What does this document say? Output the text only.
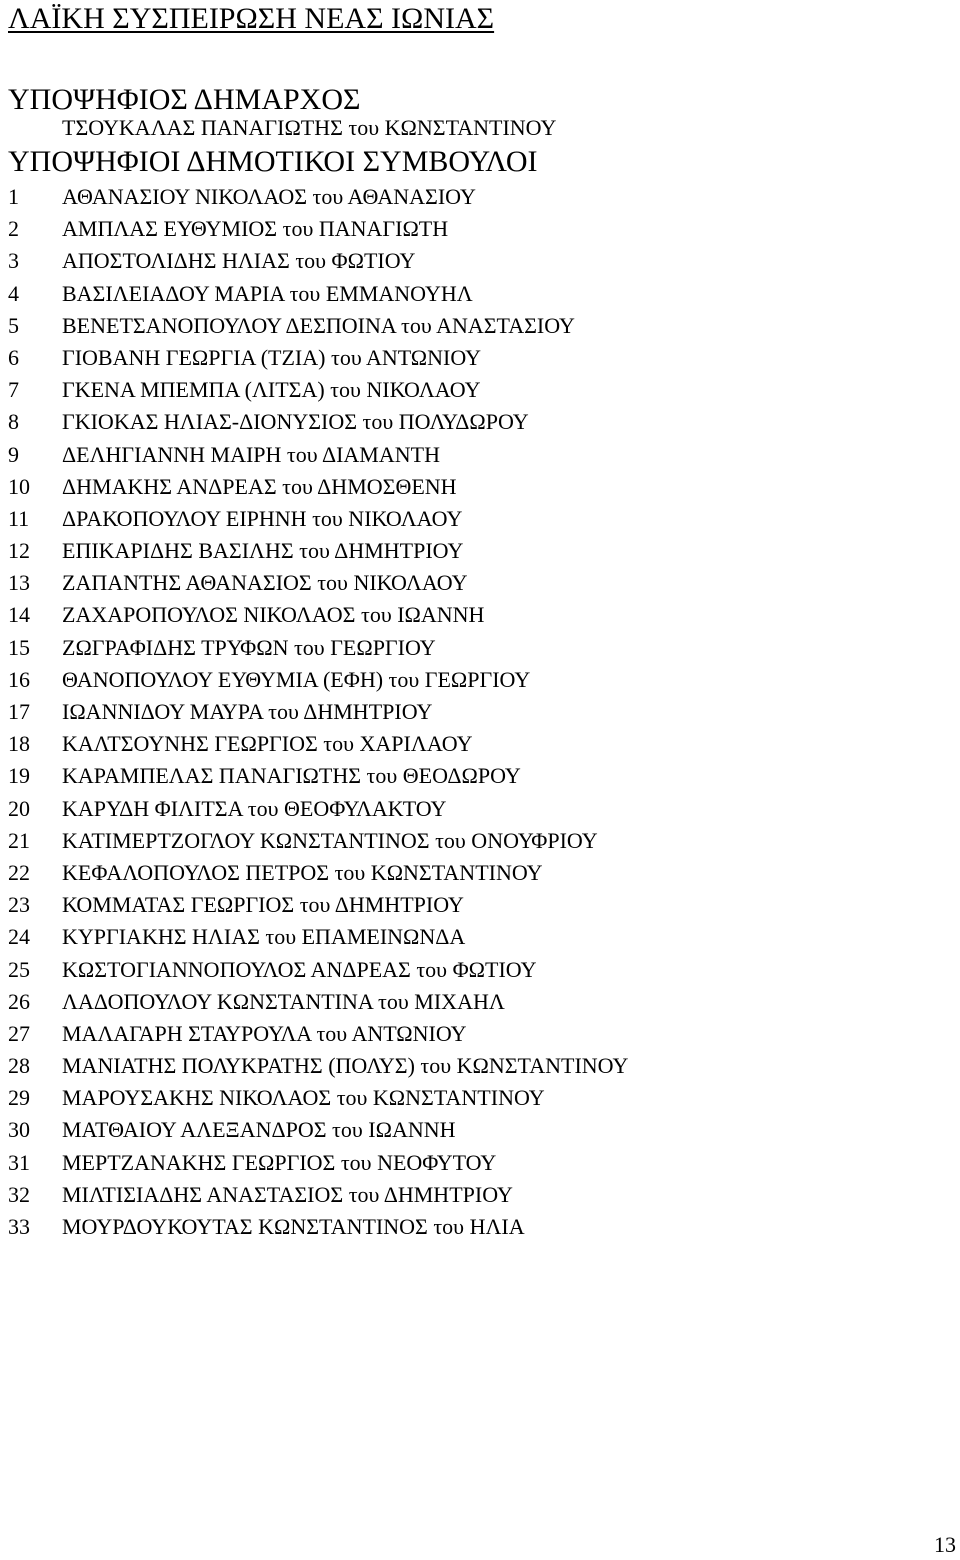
ΛΑΪΚΗ ΣΥΣΠΕΙΡΩΣΗ ΝΕΑΣ ΙΩΝΙΑΣ
ΥΠΟΨΗΦΙΟΣ ΔΗΜΑΡΧΟΣ
ΤΣΟΥΚΑΛΑΣ ΠΑΝΑΓΙΩΤΗΣ του ΚΩΝΣΤΑΝΤΙΝΟΥ
ΥΠΟΨΗΦΙΟΙ ΔΗΜΟΤΙΚΟΙ ΣΥΜΒΟΥΛΟΙ
1 ΑΘΑΝΑΣΙΟΥ ΝΙΚΟΛΑΟΣ του ΑΘΑΝΑΣΙΟΥ
2 ΑΜΠΛΑΣ ΕΥΘΥΜΙΟΣ του ΠΑΝΑΓΙΩΤΗ
3 ΑΠΟΣΤΟΛΙΔΗΣ ΗΛΙΑΣ του ΦΩΤΙΟΥ
4 ΒΑΣΙΛΕΙΑΔΟΥ ΜΑΡΙΑ του ΕΜΜΑΝΟΥΗΛ
5 ΒΕΝΕΤΣΑΝΟΠΟΥΛΟΥ ΔΕΣΠΟΙΝΑ του ΑΝΑΣΤΑΣΙΟΥ
6 ΓΙΟΒΑΝΗ ΓΕΩΡΓΙΑ (ΤΖΙΑ) του ΑΝΤΩΝΙΟΥ
7 ΓΚΕΝΑ ΜΠΕΜΠΑ (ΛΙΤΣΑ) του ΝΙΚΟΛΑΟΥ
8 ΓΚΙΟΚΑΣ ΗΛΙΑΣ-ΔΙΟΝΥΣΙΟΣ του ΠΟΛΥΔΩΡΟΥ
9 ΔΕΛΗΓΙΑΝΝΗ ΜΑΙΡΗ του ΔΙΑΜΑΝΤΗ
10 ΔΗΜΑΚΗΣ ΑΝΔΡΕΑΣ του ΔΗΜΟΣΘΕΝΗ
11 ΔΡΑΚΟΠΟΥΛΟΥ ΕΙΡΗΝΗ του ΝΙΚΟΛΑΟΥ
12 ΕΠΙΚΑΡΙΔΗΣ ΒΑΣΙΛΗΣ του ΔΗΜΗΤΡΙΟΥ
13 ΖΑΠΑΝΤΗΣ ΑΘΑΝΑΣΙΟΣ του ΝΙΚΟΛΑΟΥ
14 ΖΑΧΑΡΟΠΟΥΛΟΣ ΝΙΚΟΛΑΟΣ του ΙΩΑΝΝΗ
15 ΖΩΓΡΑΦΙΔΗΣ ΤΡΥΦΩΝ του ΓΕΩΡΓΙΟΥ
16 ΘΑΝΟΠΟΥΛΟΥ ΕΥΘΥΜΙΑ (ΕΦΗ) του ΓΕΩΡΓΙΟΥ
17 ΙΩΑΝΝΙΔΟΥ ΜΑΥΡΑ του ΔΗΜΗΤΡΙΟΥ
18 ΚΑΛΤΣΟΥΝΗΣ ΓΕΩΡΓΙΟΣ του ΧΑΡΙΛΑΟΥ
19 ΚΑΡΑΜΠΕΛΑΣ ΠΑΝΑΓΙΩΤΗΣ του ΘΕΟΔΩΡΟΥ
20 ΚΑΡΥΔΗ ΦΙΛΙΤΣΑ του ΘΕΟΦΥΛΑΚΤΟΥ
21 ΚΑΤΙΜΕΡΤΖΟΓΛΟΥ ΚΩΝΣΤΑΝΤΙΝΟΣ του ΟΝΟΥΦΡΙΟΥ
22 ΚΕΦΑΛΟΠΟΥΛΟΣ ΠΕΤΡΟΣ του ΚΩΝΣΤΑΝΤΙΝΟΥ
23 ΚΟΜΜΑΤΑΣ ΓΕΩΡΓΙΟΣ του ΔΗΜΗΤΡΙΟΥ
24 ΚΥΡΓΙΑΚΗΣ ΗΛΙΑΣ του ΕΠΑΜΕΙΝΩΝΔΑ
25 ΚΩΣΤΟΓΙΑΝΝΟΠΟΥΛΟΣ ΑΝΔΡΕΑΣ του ΦΩΤΙΟΥ
26 ΛΑΔΟΠΟΥΛΟΥ ΚΩΝΣΤΑΝΤΙΝΑ του ΜΙΧΑΗΛ
27 ΜΑΛΑΓΑΡΗ ΣΤΑΥΡΟΥΛΑ του ΑΝΤΩΝΙΟΥ
28 ΜΑΝΙΑΤΗΣ ΠΟΛΥΚΡΑΤΗΣ (ΠΟΛΥΣ) του ΚΩΝΣΤΑΝΤΙΝΟΥ
29 ΜΑΡΟΥΣΑΚΗΣ ΝΙΚΟΛΑΟΣ του ΚΩΝΣΤΑΝΤΙΝΟΥ
30 ΜΑΤΘΑΙΟΥ ΑΛΕΞΑΝΔΡΟΣ του ΙΩΑΝΝΗ
31 ΜΕΡΤΖΑΝΑΚΗΣ ΓΕΩΡΓΙΟΣ του ΝΕΟΦΥΤΟΥ
32 ΜΙΛΤΙΣΙΑΔΗΣ ΑΝΑΣΤΑΣΙΟΣ του ΔΗΜΗΤΡΙΟΥ
33 ΜΟΥΡΔΟΥΚΟΥΤΑΣ ΚΩΝΣΤΑΝΤΙΝΟΣ του ΗΛΙΑ
13
